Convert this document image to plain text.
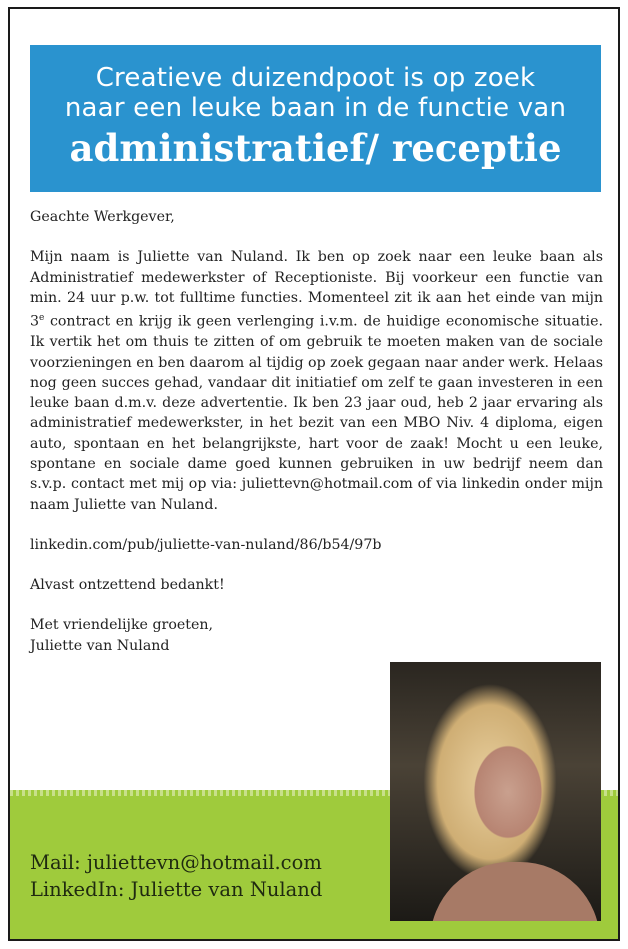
Creatieve duizendpoot is op zoek
naar een leuke baan in de functie van
administratief/ receptie

Geachte Werkgever,

Mijn naam is Juliette van Nuland. Ik ben op zoek naar een leuke baan als Administratief medewerkster of Receptioniste. Bij voorkeur een functie van min. 24 uur p.w. tot fulltime functies. Momenteel zit ik aan het einde van mijn 3e contract en krijg ik geen verlenging i.v.m. de huidige economische situatie. Ik vertik het om thuis te zitten of om gebruik te moeten maken van de sociale voorzieningen en ben daarom al tijdig op zoek gegaan naar ander werk. Helaas nog geen succes gehad, vandaar dit initiatief om zelf te gaan investeren in een leuke baan d.m.v. deze advertentie. Ik ben 23 jaar oud, heb 2 jaar ervaring als administratief medewerkster, in het bezit van een MBO Niv. 4 diploma, eigen auto, spontaan en het belangrijkste, hart voor de zaak! Mocht u een leuke, spontane en sociale dame goed kunnen gebruiken in uw bedrijf neem dan s.v.p. contact met mij op via: juliettevn@hotmail.com of via linkedin onder mijn naam Juliette van Nuland.

linkedin.com/pub/juliette-van-nuland/86/b54/97b

Alvast ontzettend bedankt!

Met vriendelijke groeten,

Juliette van Nuland

Mail: juliettevn@hotmail.com
LinkedIn: Juliette van Nuland
